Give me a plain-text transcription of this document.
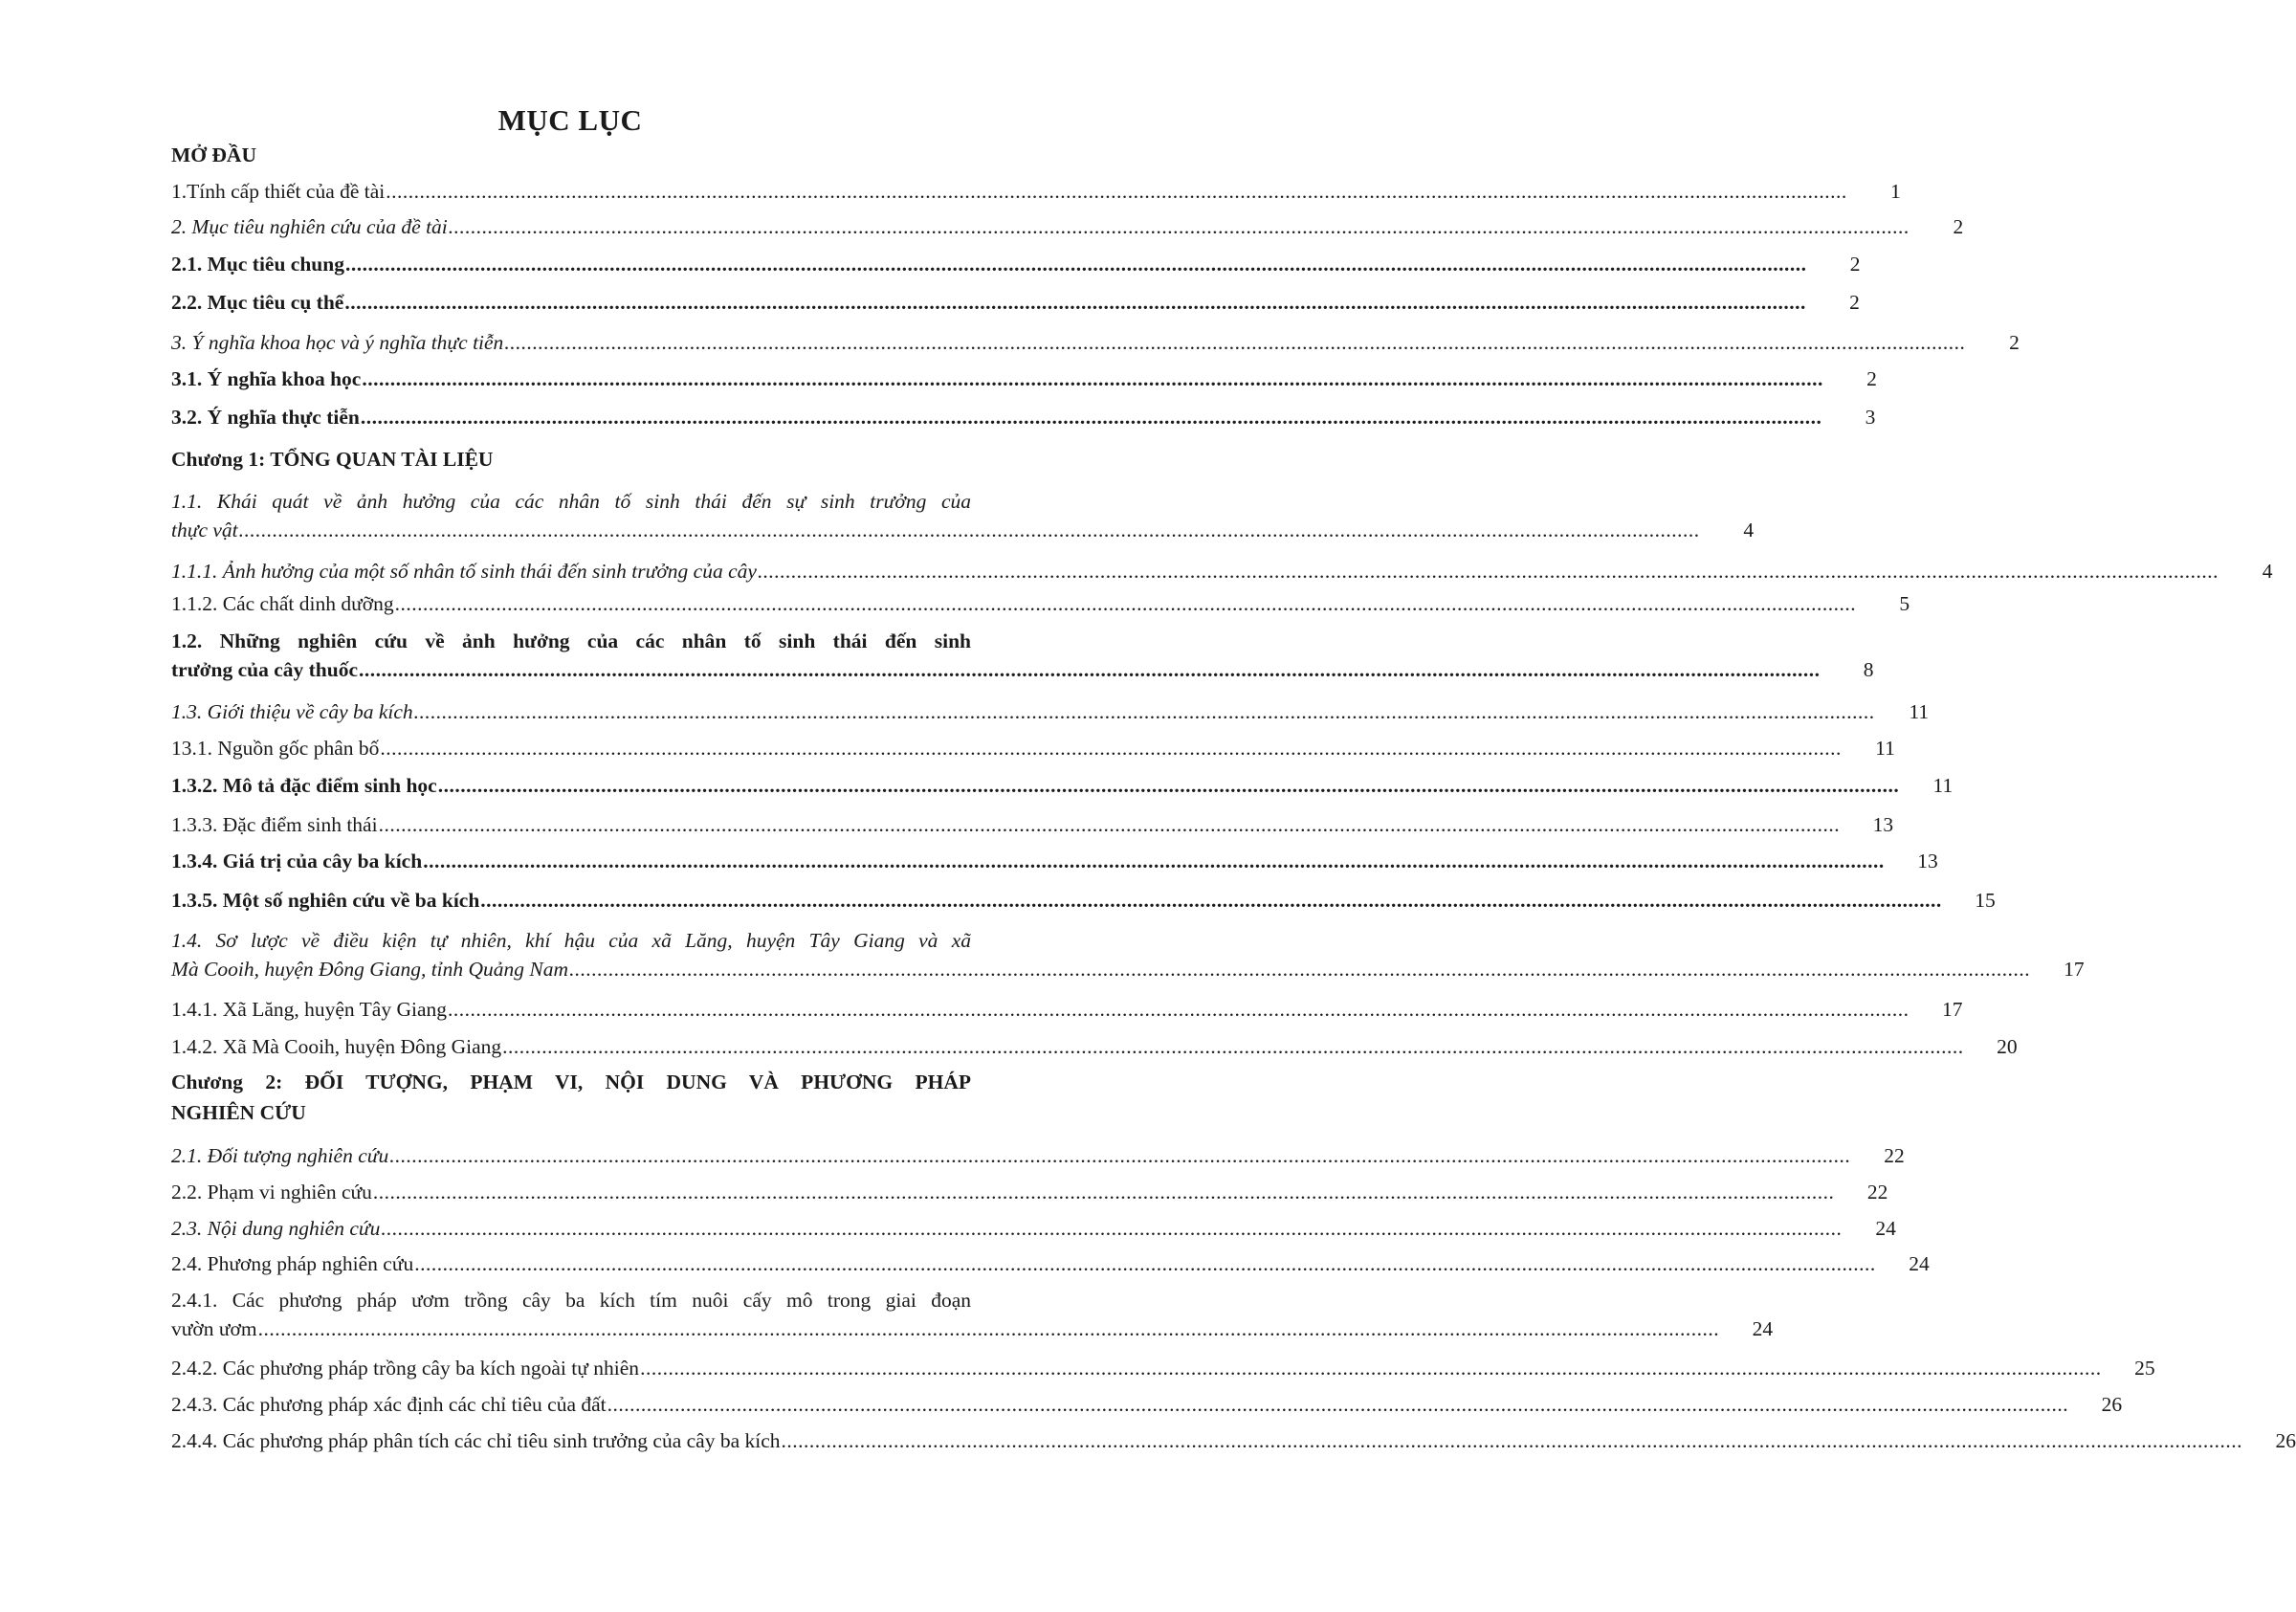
MỤC LỤC
MỞ ĐẦU
1.Tính cấp thiết của đề tài ....................................................................................................................................................................................................................................................................	1
2. Mục tiêu nghiên cứu của đề tài ....................................................................................................................................................................................................................................................................	2
2.1. Mục tiêu chung ....................................................................................................................................................................................................................................................................	2
2.2. Mục tiêu cụ thể ....................................................................................................................................................................................................................................................................	2
3. Ý nghĩa khoa học và ý nghĩa thực tiễn ....................................................................................................................................................................................................................................................................	2
3.1. Ý nghĩa khoa học ....................................................................................................................................................................................................................................................................	2
3.2. Ý nghĩa thực tiễn ....................................................................................................................................................................................................................................................................	3
Chương 1: TỔNG QUAN TÀI LIỆU
1.1. Khái quát về ảnh hưởng của các nhân tố sinh thái đến sự sinh trưởng của
thực vật ....................................................................................................................................................................................................................................................................	4
1.1.1. Ảnh hưởng của một số nhân tố sinh thái đến sinh trưởng của cây ....................................................................................................................................................................................................................................................................	4
1.1.2. Các chất dinh dưỡng ....................................................................................................................................................................................................................................................................	5
1.2. Những nghiên cứu về ảnh hưởng của các nhân tố sinh thái đến sinh
trưởng của cây thuốc ....................................................................................................................................................................................................................................................................	8
1.3. Giới thiệu về cây ba kích ....................................................................................................................................................................................................................................................................	11
13.1. Nguồn gốc phân bố ....................................................................................................................................................................................................................................................................	11
1.3.2. Mô tả đặc điểm sinh học ....................................................................................................................................................................................................................................................................	11
1.3.3. Đặc điểm sinh thái ....................................................................................................................................................................................................................................................................	13
1.3.4. Giá trị của cây ba kích ....................................................................................................................................................................................................................................................................	13
1.3.5. Một số nghiên cứu về ba kích ....................................................................................................................................................................................................................................................................	15
1.4. Sơ lược về điều kiện tự nhiên, khí hậu của xã Lăng, huyện Tây Giang và xã
Mà Cooih, huyện Đông Giang, tỉnh Quảng Nam ....................................................................................................................................................................................................................................................................	17
1.4.1. Xã Lăng, huyện Tây Giang ....................................................................................................................................................................................................................................................................	17
1.4.2. Xã Mà Cooih, huyện Đông Giang ....................................................................................................................................................................................................................................................................	20
Chương 2: ĐỐI TƯỢNG, PHẠM VI, NỘI DUNG VÀ PHƯƠNG PHÁP
NGHIÊN CỨU
2.1. Đối tượng nghiên cứu ....................................................................................................................................................................................................................................................................	22
2.2. Phạm vi nghiên cứu ....................................................................................................................................................................................................................................................................	22
2.3. Nội dung nghiên cứu ....................................................................................................................................................................................................................................................................	24
2.4. Phương pháp nghiên cứu ....................................................................................................................................................................................................................................................................	24
2.4.1. Các phương pháp ươm trồng cây ba kích tím nuôi cấy mô trong giai đoạn
vườn ươm ....................................................................................................................................................................................................................................................................	24
2.4.2. Các phương pháp trồng cây ba kích ngoài tự nhiên ....................................................................................................................................................................................................................................................................	25
2.4.3. Các phương pháp xác định các chỉ tiêu của đất ....................................................................................................................................................................................................................................................................	26
2.4.4. Các phương pháp phân tích các chỉ tiêu sinh trưởng của cây ba kích ....................................................................................................................................................................................................................................................................	26
